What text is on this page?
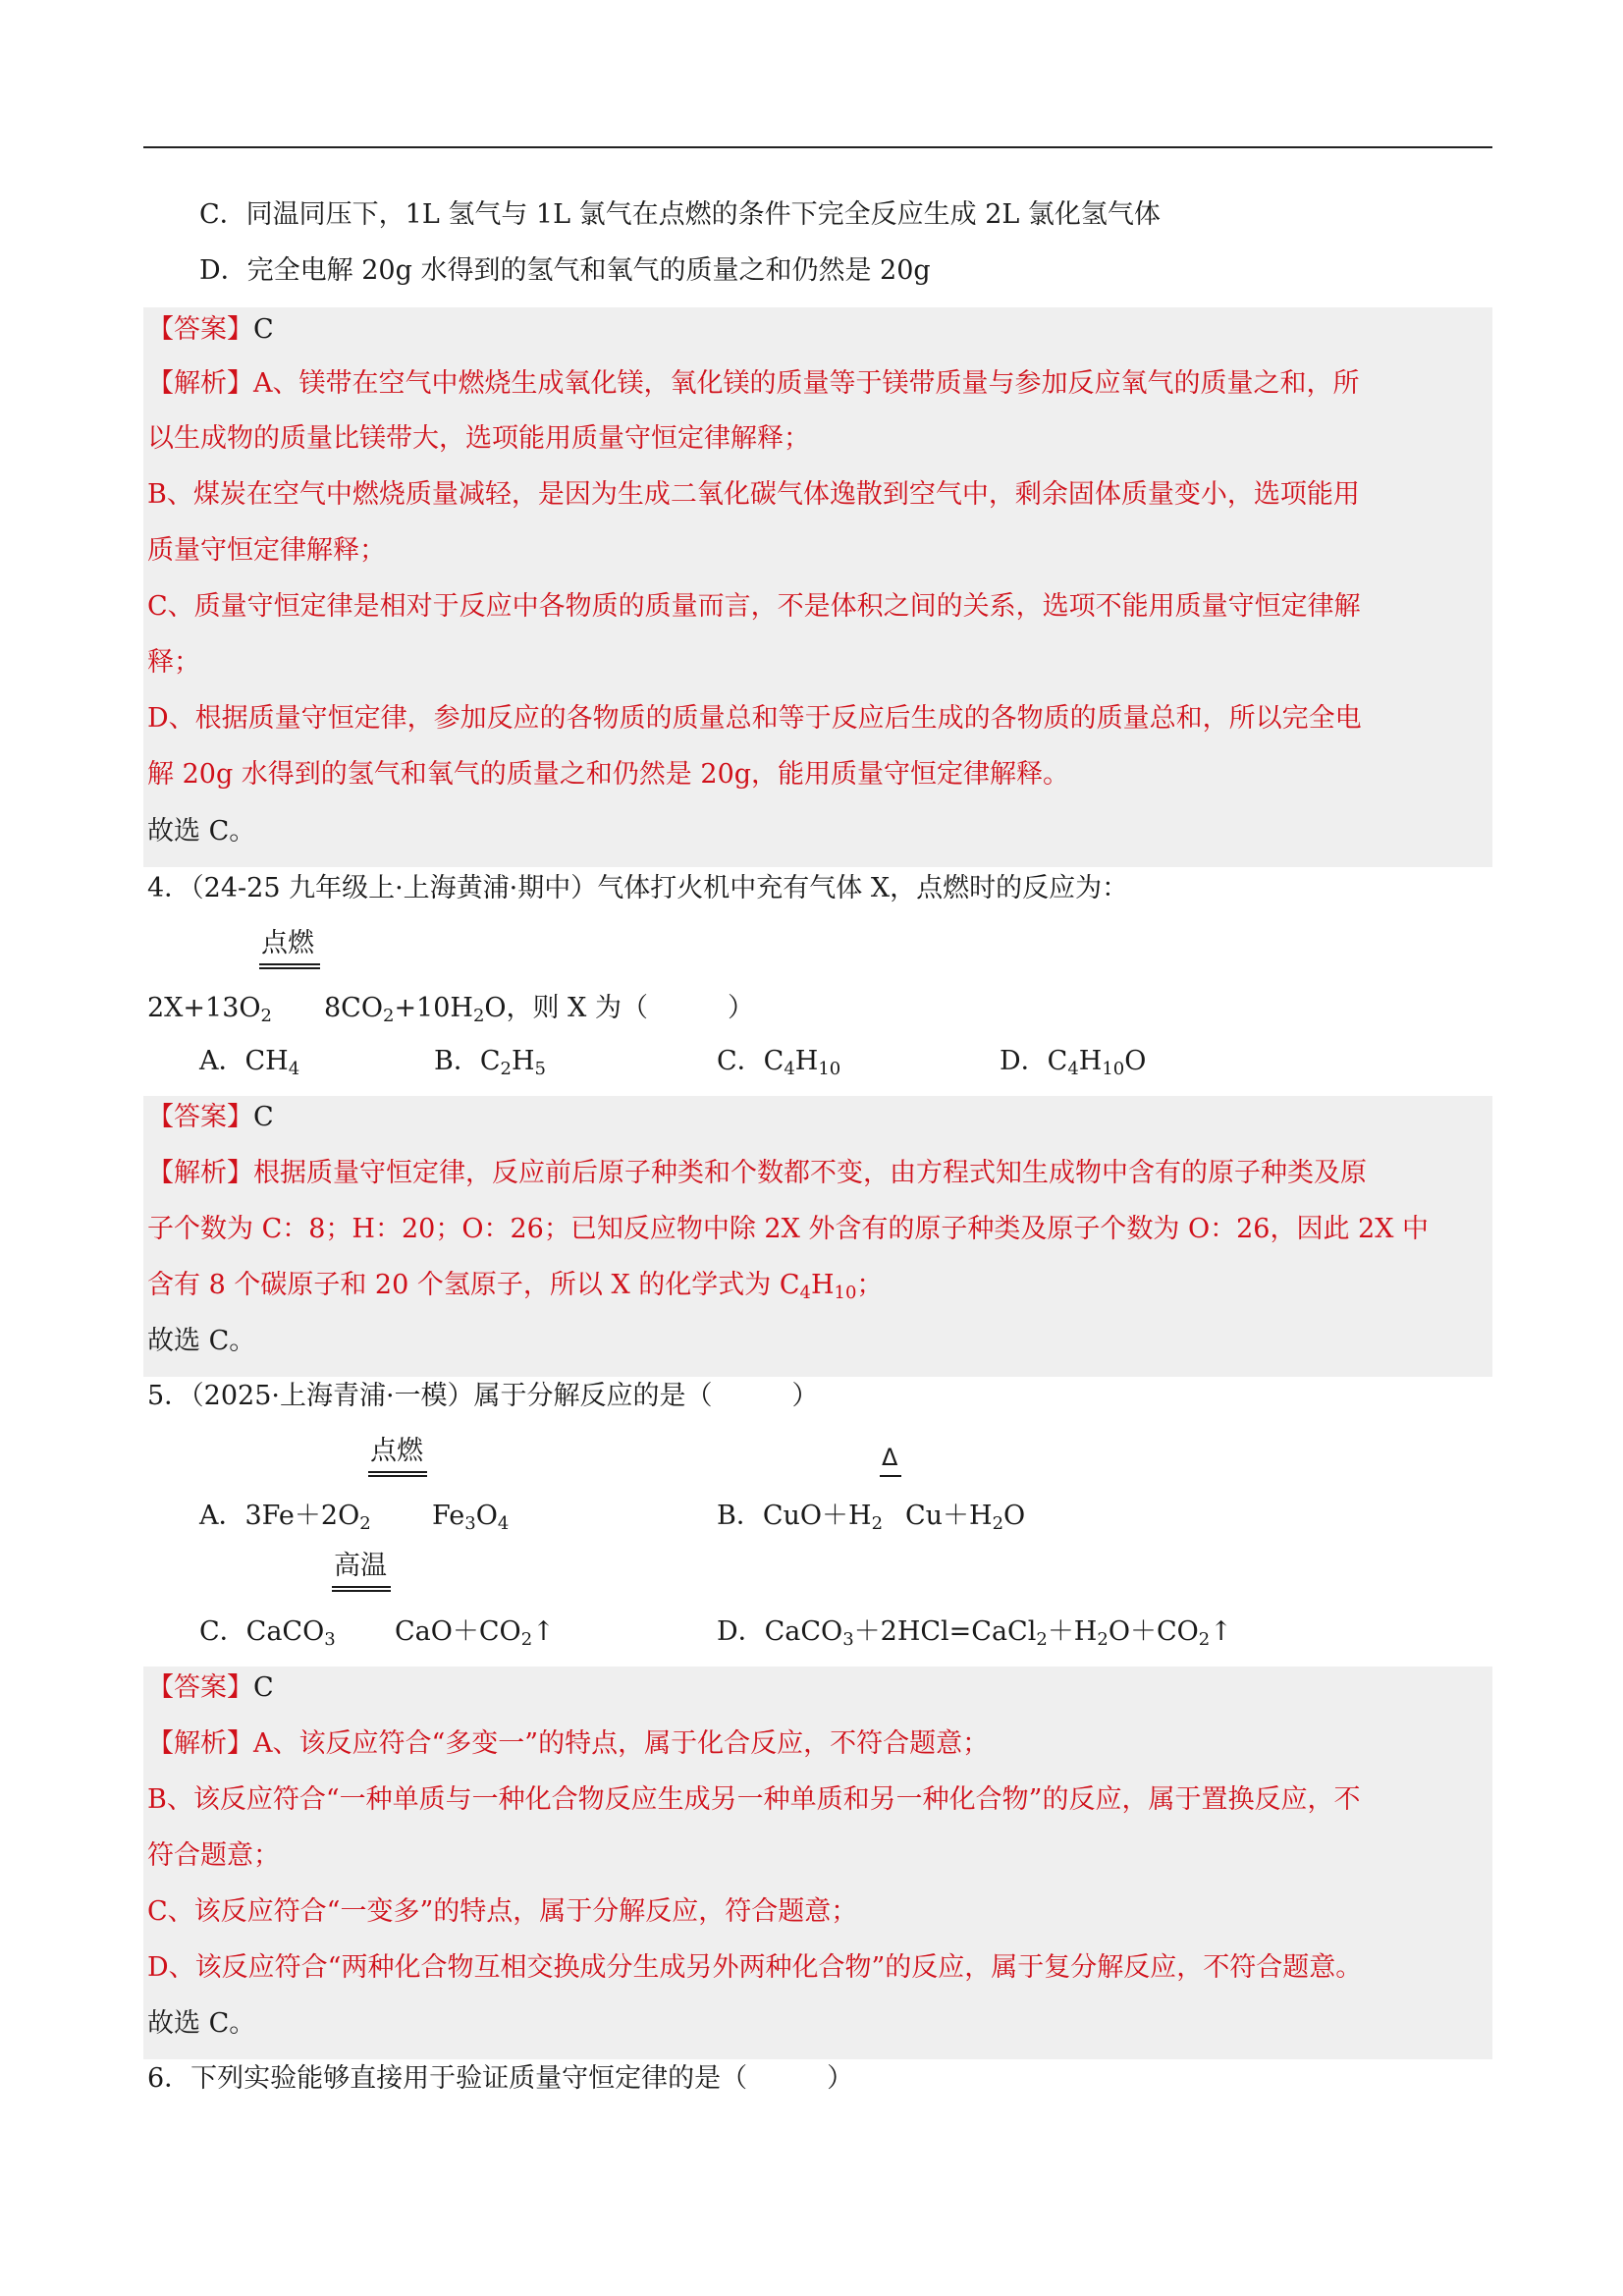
C．同温同压下，1L 氢气与 1L 氯气在点燃的条件下完全反应生成 2L 氯化氢气体
D．完全电解 20g 水得到的氢气和氧气的质量之和仍然是 20g
【答案】C
【解析】A、镁带在空气中燃烧生成氧化镁，氧化镁的质量等于镁带质量与参加反应氧气的质量之和，所
以生成物的质量比镁带大，选项能用质量守恒定律解释；
B、煤炭在空气中燃烧质量减轻，是因为生成二氧化碳气体逸散到空气中，剩余固体质量变小，选项能用
质量守恒定律解释；
C、质量守恒定律是相对于反应中各物质的质量而言，不是体积之间的关系，选项不能用质量守恒定律解
释；
D、根据质量守恒定律，参加反应的各物质的质量总和等于反应后生成的各物质的质量总和，所以完全电
解 20g 水得到的氢气和氧气的质量之和仍然是 20g，能用质量守恒定律解释。
故选 C。
4．（24-25 九年级上·上海黄浦·期中）气体打火机中充有气体 X，点燃时的反应为：
点燃
$2X+13O_2$ $8CO_2+10H_2O$，则 X 为（　　　）
A．$CH_4$	B．$C_2H_5$	C．$C_4H_{10}$	D．$C_4H_{10}O$
【答案】C
【解析】根据质量守恒定律，反应前后原子种类和个数都不变，由方程式知生成物中含有的原子种类及原
子个数为 C：8；H：20；O：26；已知反应物中除 2X 外含有的原子种类及原子个数为 O：26，因此 2X 中
含有 8 个碳原子和 20 个氢原子，所以 X 的化学式为 $C_4H_{10}$；
故选 C。
5．（2025·上海青浦·一模）属于分解反应的是（　　　）
点燃
A．$3Fe+2O_2$ $Fe_3O_4$
Δ
B．$CuO+H_2$ $Cu+H_2O$
高温
C．CaCO$_3$ $CaO+CO_2↑$	D．$CaCO_3+2HCl=CaCl_2+H_2O+CO_2↑$
【答案】C
【解析】A、该反应符合“多变一”的特点，属于化合反应，不符合题意；
B、该反应符合“一种单质与一种化合物反应生成另一种单质和另一种化合物”的反应，属于置换反应，不
符合题意；
C、该反应符合“一变多”的特点，属于分解反应，符合题意；
D、该反应符合“两种化合物互相交换成分生成另外两种化合物”的反应，属于复分解反应，不符合题意。
故选 C。
6．下列实验能够直接用于验证质量守恒定律的是（　　　）
